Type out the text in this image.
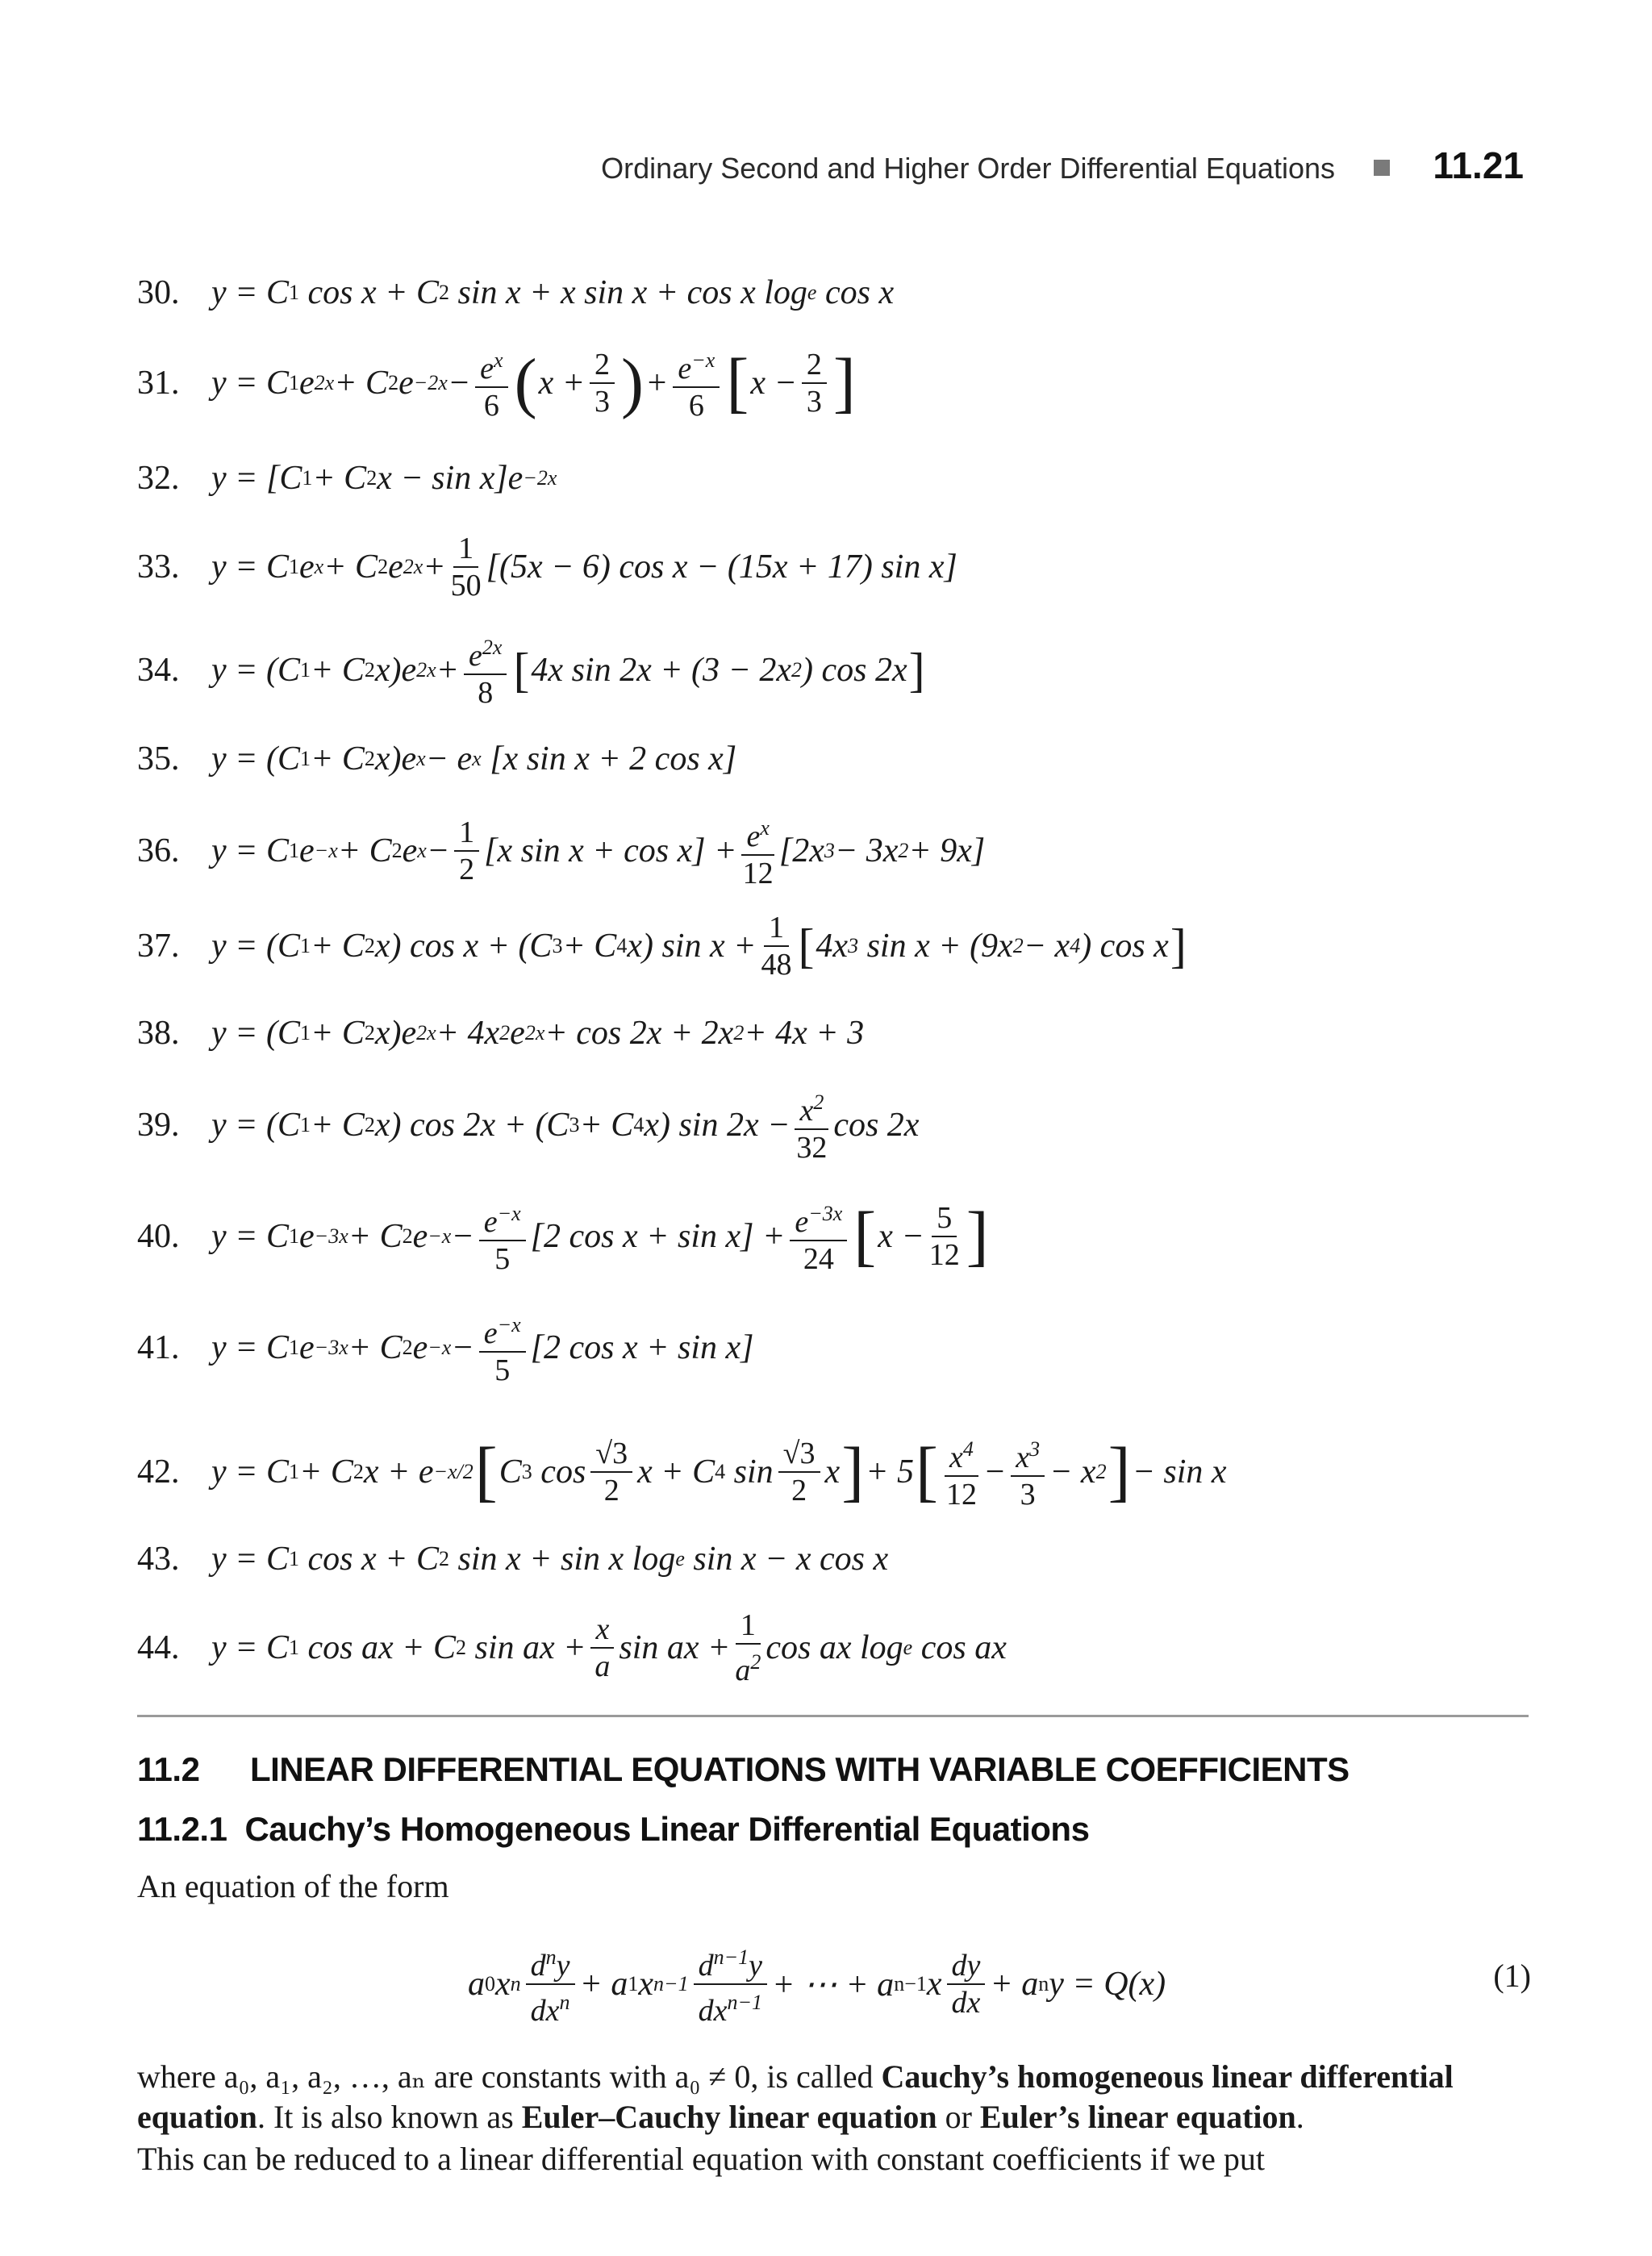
Ordinary Second and Higher Order Differential Equations	11.21
30. y = C 1 cos x + C 2 sin x + x sin x + cos x log e cos x
31. y = C 1 e 2x + C 2 $e -2x - \frac{e^x}{6}$ ( $x + \frac{2}{3}$ ) + $\frac{e^{-x}}{6}$ [ $x - \frac{2}{3}$ ]
32. y = [C 1 + C 2 x − sin x]e −2x
33. y = C 1 e x + C 2 e $2x + \frac{1}{50} [(5x - 6)$ cos x − (15x + 17) sin x]
34. y = (C 1 + C 2 x)e $2x + \frac{e^{2x}}{8}$ [ 4x sin 2x + (3 − 2x 2 ) cos 2x ]
35. y = (C 1 + C 2 x)e x − e x [x sin x + 2 cos x]
36. y = C 1 e −x + C 2 e $x - \frac{1}{2} [x$ $\sin x + \cos x] + \frac{e^x}{12} [2x$ 3 − 3x 2 + 9x]
37. y = (C 1 + C 2 x) cos x + (C 3 + C 4 x) $\sin x + \frac{1}{48}$ [ 4x 3 sin x + (9x 2 − x 4 ) cos x ]
38. y = (C 1 + C 2 x)e 2x + 4x 2 e 2x + cos 2x + 2x 2 + 4x + 3
39. y = (C 1 + C 2 x) cos 2x + (C 3 + C 4 x) $\sin 2x - \frac{x^2}{32}$ cos 2x
40. y = C 1 e −3x + C 2 $e -x - \frac{e^{-x}}{5} [2$ $\cos x + \sin x] + \frac{e^{-3x}}{24}$ [ $x - \frac{5}{12}$ ]
41. y = C 1 e −3x + C 2 $e -x - \frac{e^{-x}}{5} [2$ cos x + sin x]
42. y = C 1 + C 2 x + e −x/2 [ C 3 $\cos \frac{√3}{2}$ x + C 4 $\sin \frac{√3}{2}$ x ] + 5 [ $\frac{x^4}{12} - \frac{x^3}{3} - x$ 2 ] − sin x
43. y = C 1 cos x + C 2 sin x + sin x log e sin x − x cos x
44. y = C 1 cos ax + C 2 sin ax + $\frac{x}{a}$ sin ax + $\frac{1}{a^2}$ cos ax log e cos ax
11.2 LINEAR DIFFERENTIAL EQUATIONS WITH VARIABLE COEFFICIENTS
11.2.1 Cauchy’s Homogeneous Linear Differential Equations
An equation of the form
a 0 x n $\frac{d^ny}{dx^n} + a$ 1 x $n-1 \frac{d^{n-1}y}{dx^{n-1}}$ + ⋯ + a n−1 x $\frac{dy}{dx} + a$ n y = Q(x)	(1)
where a₀, a₁, a₂, …, aₙ are constants with a₀ ≠ 0, is called Cauchy’s homogeneous linear differential equation. It is also known as Euler–Cauchy linear equation or Euler’s linear equation.
This can be reduced to a linear differential equation with constant coefficients if we put
